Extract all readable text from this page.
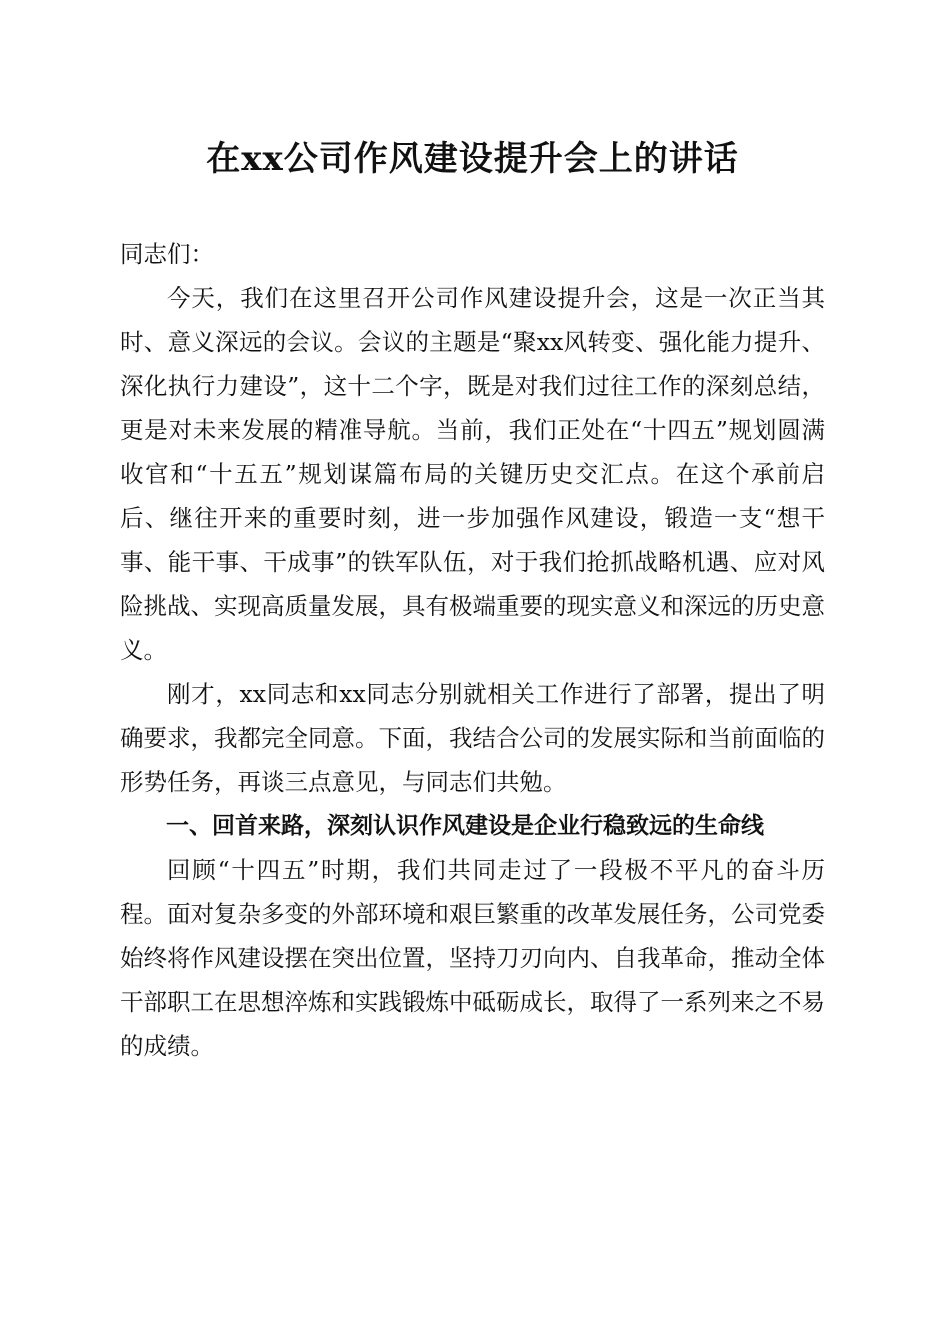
在xx公司作风建设提升会上的讲话

同志们：

今天，我们在这里召开公司作风建设提升会，这是一次正当其时、意义深远的会议。会议的主题是“聚xx风转变、强化能力提升、深化执行力建设”，这十二个字，既是对我们过往工作的深刻总结，更是对未来发展的精准导航。当前，我们正处在“十四五”规划圆满收官和“十五五”规划谋篇布局的关键历史交汇点。在这个承前启后、继往开来的重要时刻，进一步加强作风建设，锻造一支“想干事、能干事、干成事”的铁军队伍，对于我们抢抓战略机遇、应对风险挑战、实现高质量发展，具有极端重要的现实意义和深远的历史意义。

刚才，xx同志和xx同志分别就相关工作进行了部署，提出了明确要求，我都完全同意。下面，我结合公司的发展实际和当前面临的形势任务，再谈三点意见，与同志们共勉。

一、回首来路，深刻认识作风建设是企业行稳致远的生命线

回顾“十四五”时期，我们共同走过了一段极不平凡的奋斗历程。面对复杂多变的外部环境和艰巨繁重的改革发展任务，公司党委始终将作风建设摆在突出位置，坚持刀刃向内、自我革命，推动全体干部职工在思想淬炼和实践锻炼中砥砺成长，取得了一系列来之不易的成绩。
